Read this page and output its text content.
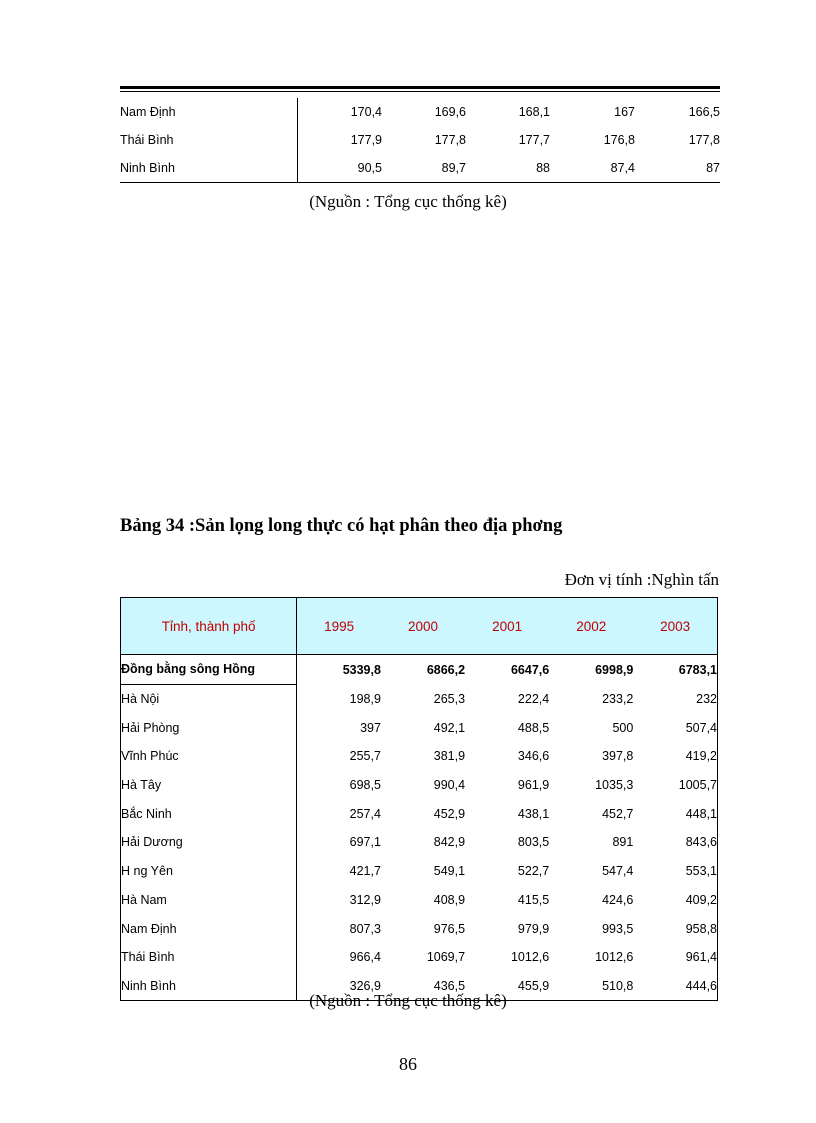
Nam Định	170,4	169,6	168,1	167	166,5
Thái Bình	177,9	177,8	177,7	176,8	177,8
Ninh Bình	90,5	89,7	88	87,4	87
(Nguồn : Tổng cục thống kê)
Bảng 34 :Sản lọng long thực có hạt phân theo địa phơng
Đơn vị tính :Nghìn tấn
Tỉnh, thành phố	1995	2000	2001	2002	2003
Đồng bằng sông Hồng	5339,8	6866,2	6647,6	6998,9	6783,1
Hà Nội	198,9	265,3	222,4	233,2	232
Hải Phòng	397	492,1	488,5	500	507,4
Vĩnh Phúc	255,7	381,9	346,6	397,8	419,2
Hà Tây	698,5	990,4	961,9	1035,3	1005,7
Bắc Ninh	257,4	452,9	438,1	452,7	448,1
Hải Dương	697,1	842,9	803,5	891	843,6
H ng Yên	421,7	549,1	522,7	547,4	553,1
Hà Nam	312,9	408,9	415,5	424,6	409,2
Nam Định	807,3	976,5	979,9	993,5	958,8
Thái Bình	966,4	1069,7	1012,6	1012,6	961,4
Ninh Bình	326,9	436,5	455,9	510,8	444,6
(Nguồn : Tổng cục thống kê)
86
